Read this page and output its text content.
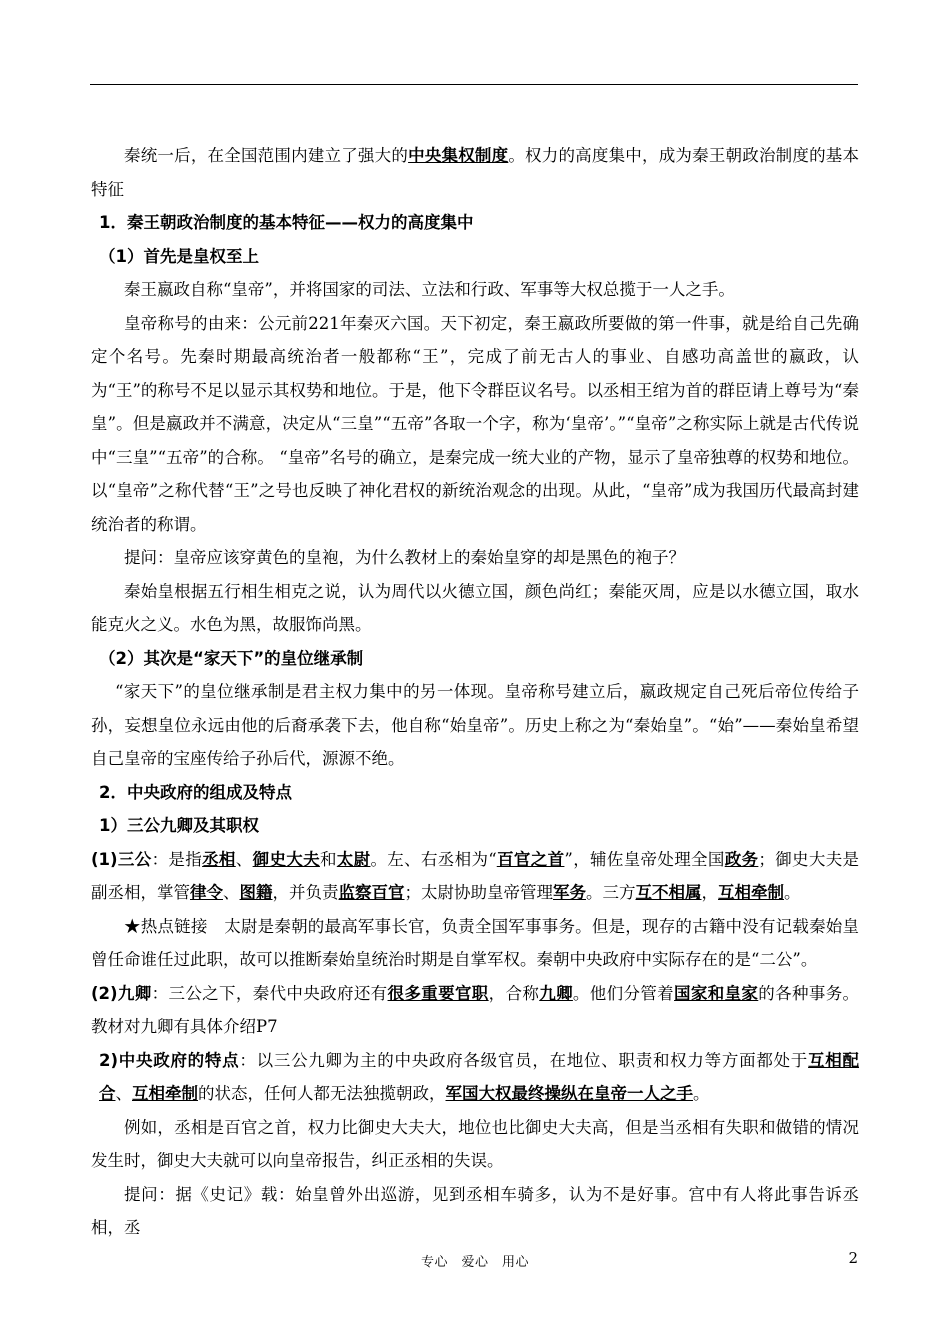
秦统一后，在全国范围内建立了强大的中央集权制度。权力的高度集中，成为秦王朝政治制度的基本特征

1．秦王朝政治制度的基本特征——权力的高度集中

（1）首先是皇权至上

秦王嬴政自称“皇帝”，并将国家的司法、立法和行政、军事等大权总揽于一人之手。

皇帝称号的由来：公元前221年秦灭六国。天下初定，秦王嬴政所要做的第一件事，就是给自己先确定个名号。先秦时期最高统治者一般都称“王”，完成了前无古人的事业、自感功高盖世的嬴政，认为“王”的称号不足以显示其权势和地位。于是，他下令群臣议名号。以丞相王绾为首的群臣请上尊号为“秦皇”。但是嬴政并不满意，决定从“三皇”“五帝”各取一个字，称为‘皇帝’。”“皇帝”之称实际上就是古代传说中“三皇”“五帝”的合称。 “皇帝”名号的确立，是秦完成一统大业的产物，显示了皇帝独尊的权势和地位。以“皇帝”之称代替“王”之号也反映了神化君权的新统治观念的出现。从此，“皇帝”成为我国历代最高封建统治者的称谓。

提问：皇帝应该穿黄色的皇袍，为什么教材上的秦始皇穿的却是黑色的袍子？

秦始皇根据五行相生相克之说，认为周代以火德立国，颜色尚红；秦能灭周，应是以水德立国，取水能克火之义。水色为黑，故服饰尚黑。

（2）其次是“家天下”的皇位继承制

“家天下”的皇位继承制是君主权力集中的另一体现。皇帝称号建立后，嬴政规定自己死后帝位传给子孙，妄想皇位永远由他的后裔承袭下去，他自称“始皇帝”。历史上称之为“秦始皇”。“始”——秦始皇希望自己皇帝的宝座传给子孙后代，源源不绝。

2．中央政府的组成及特点

1）三公九卿及其职权

(1)三公：是指丞相、御史大夫和太尉。左、右丞相为“百官之首”，辅佐皇帝处理全国政务；御史大夫是副丞相，掌管律令、图籍，并负责监察百官；太尉协助皇帝管理军务。三方互不相属，互相牵制。

★热点链接　太尉是秦朝的最高军事长官，负责全国军事事务。但是，现存的古籍中没有记载秦始皇曾任命谁任过此职，故可以推断秦始皇统治时期是自掌军权。秦朝中央政府中实际存在的是“二公”。

(2)九卿：三公之下，秦代中央政府还有很多重要官职，合称九卿。他们分管着国家和皇家的各种事务。教材对九卿有具体介绍P7

2)中央政府的特点：以三公九卿为主的中央政府各级官员，在地位、职责和权力等方面都处于互相配合、互相牵制的状态，任何人都无法独揽朝政，军国大权最终操纵在皇帝一人之手。

例如，丞相是百官之首，权力比御史大夫大，地位也比御史大夫高，但是当丞相有失职和做错的情况发生时，御史大夫就可以向皇帝报告，纠正丞相的失误。

提问：据《史记》载：始皇曾外出巡游，见到丞相车骑多，认为不是好事。宫中有人将此事告诉丞相，丞

专心　爱心　用心	2
